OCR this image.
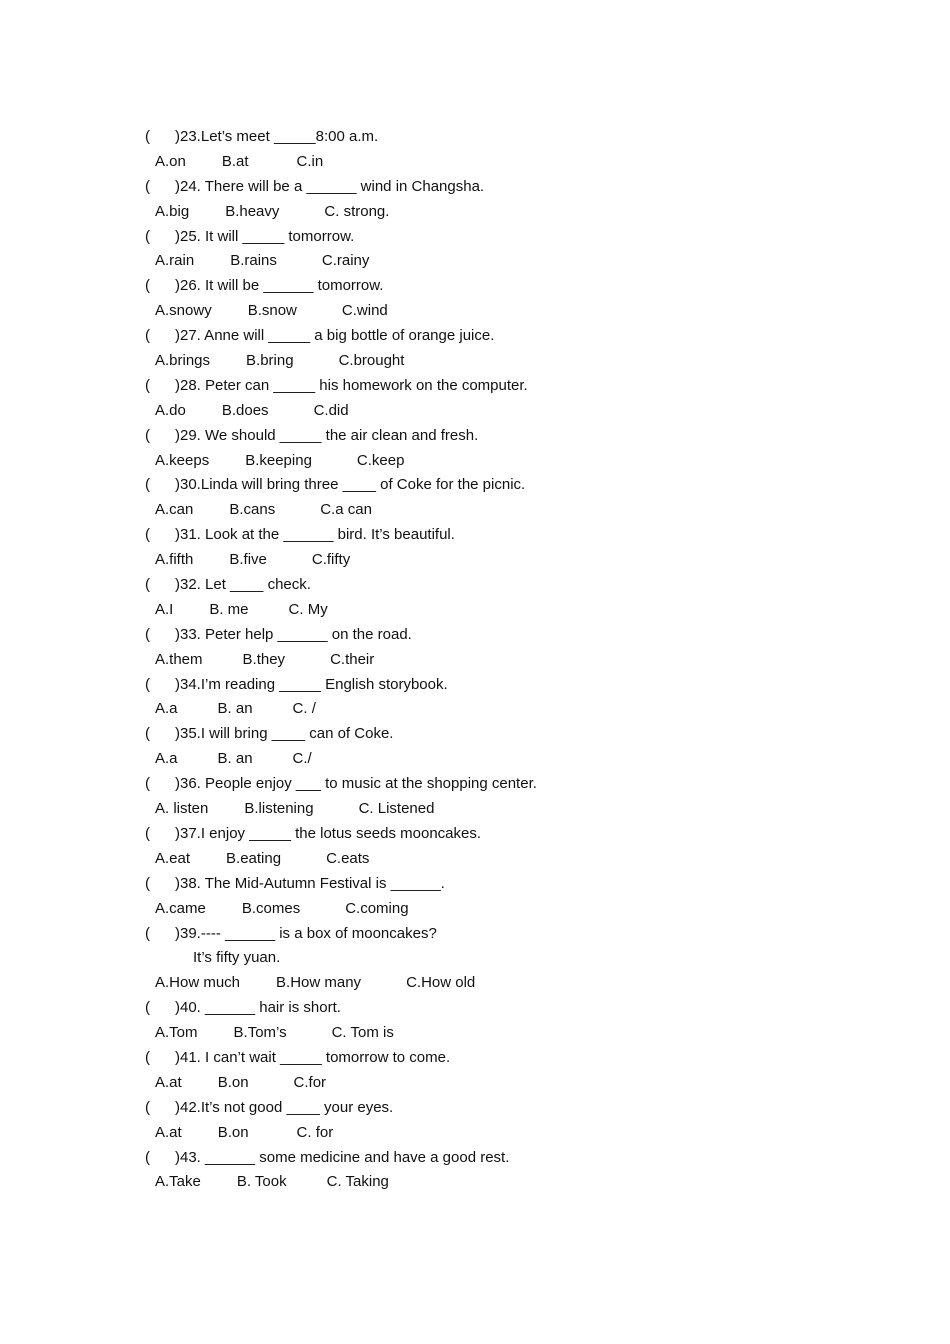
( )23.Let’s meet _____8:00 a.m.
A.on B.at	C.in
( )24. There will be a ______ wind in Changsha.
A.big B.heavy	C. strong.
( )25. It will _____ tomorrow.
A.rain B.rains	C.rainy
( )26. It will be ______ tomorrow.
A.snowy B.snow	C.wind
( )27. Anne will _____ a big bottle of orange juice.
A.brings B.bring	C.brought
( )28. Peter can _____ his homework on the computer.
A.do B.does	C.did
( )29. We should _____ the air clean and fresh.
A.keeps B.keeping	C.keep
( )30.Linda will bring three ____ of Coke for the picnic.
A.can B.cans	C.a can
( )31. Look at the ______ bird. It’s beautiful.
A.fifth B.five	C.fifty
( )32. Let ____ check.
A.I B. me	C. My
( )33. Peter help ______ on the road.
A.them	B.they	C.their
( )34.I’m reading _____ English storybook.
A.a	B. an	C. /
( )35.I will bring ____ can of Coke.
A.a	B. an	C./
( )36. People enjoy ___ to music at the shopping center.
A. listen B.listening	C. Listened
( )37.I enjoy _____ the lotus seeds mooncakes.
A.eat B.eating	C.eats
( )38. The Mid-Autumn Festival is ______.
A.came B.comes	C.coming
( )39.---- ______ is a box of mooncakes?
It’s fifty yuan.
A.How much B.How many	C.How old
( )40. ______ hair is short.
A.Tom B.Tom’s	C. Tom is
( )41. I can’t wait _____ tomorrow to come.
A.at B.on	C.for
( )42.It’s not good ____ your eyes.
A.at B.on	C. for
( )43. ______ some medicine and have a good rest.
A.Take B. Took	C. Taking
